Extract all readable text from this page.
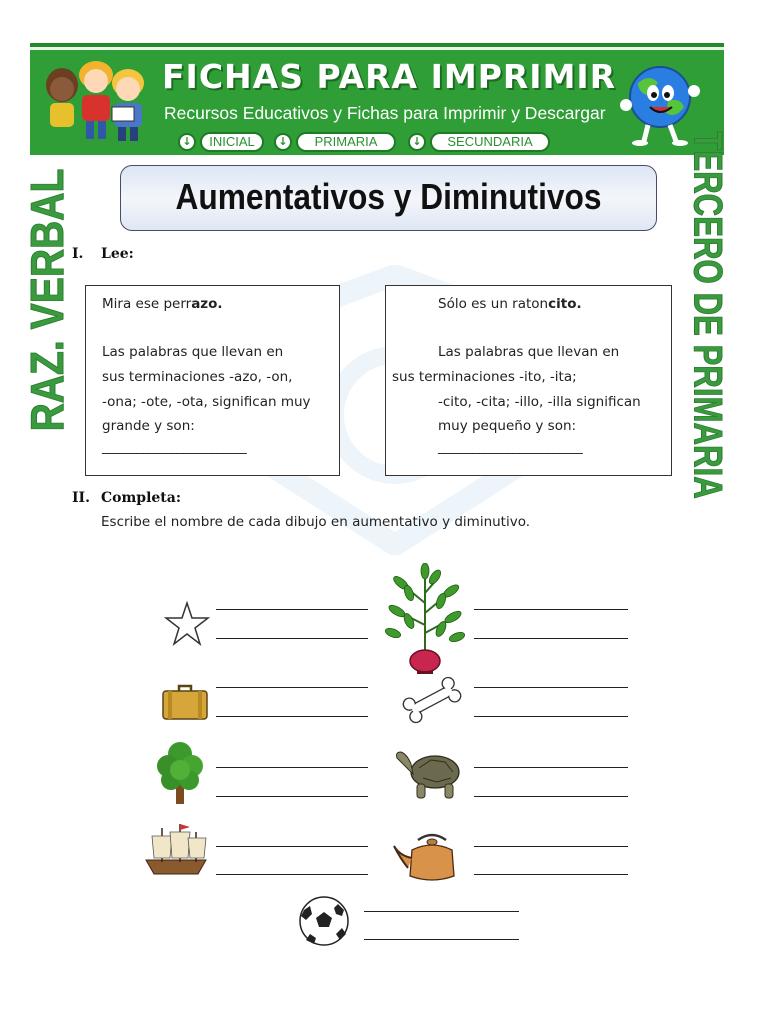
FICHAS PARA IMPRIMIR
Recursos Educativos y Fichas para Imprimir y Descargar
↓	INICIAL	↓	PRIMARIA	↓	SECUNDARIA
Aumentativos y Diminutivos
RAZ. VERBAL	TERCERO DE PRIMARIA
I. Lee:
Mira ese perrazo.
Las palabras que llevan en
sus terminaciones -azo, -on,
-ona; -ote, -ota, significan muy
grande y son:
_________________________
Sólo es un ratoncito.
Las palabras que llevan en
sus terminaciones -ito, -ita;
-cito, -cita; -illo, -illa significan
muy pequeño y son:
_________________________
II. Completa:
Escribe el nombre de cada dibujo en aumentativo y diminutivo.
